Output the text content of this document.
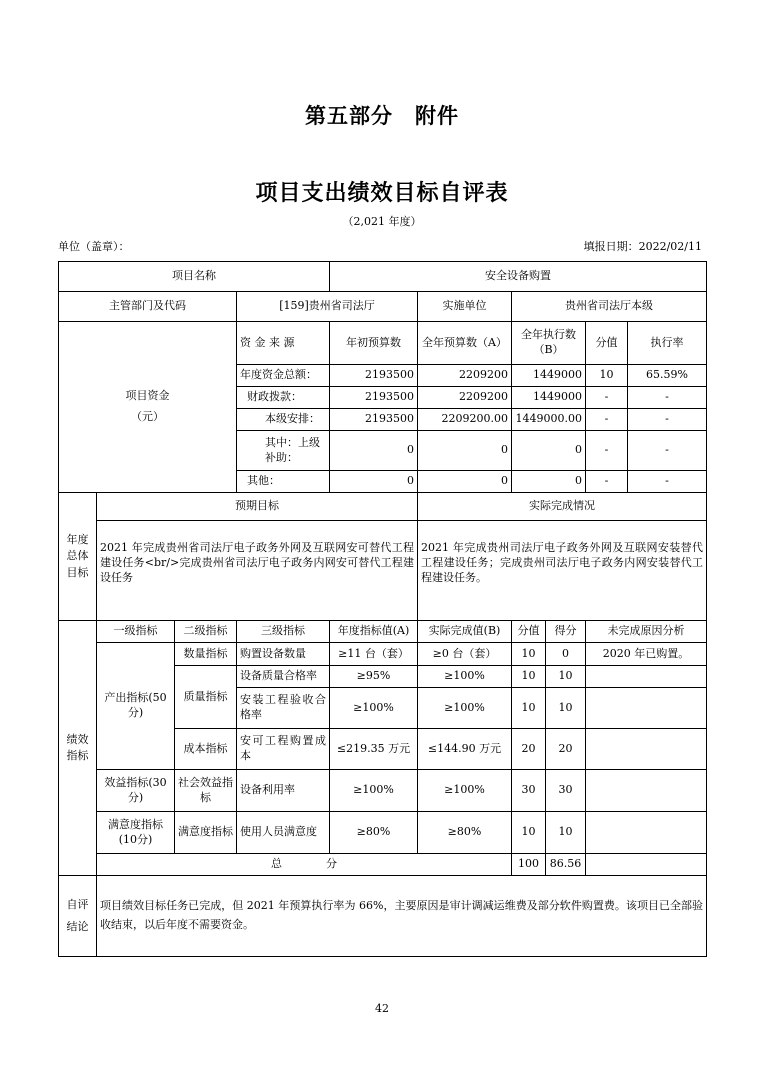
第五部分　附件
项目支出绩效目标自评表
（2,021 年度）
单位（盖章）：	填报日期：2022/02/11
项目名称				安全设备购置					
主管部门及代码			[159]贵州省司法厅		实施单位	贵州省司法厅本级			

项目资金
（元）			资 金 来 源	年初预算数	全年预算数（A）	全年执行数（B）		分值	执行率
			年度资金总额：	2193500	2209200	1449000		10	65.59%
			财政拨款：	2193500	2209200	1449000		-	-
			本级安排：	2193500	2209200.00	1449000.00		-	-
			其中：上级补助：	0	0	0		-	-
			其他：	0	0	0		-	-
年度总体目标	预期目标				实际完成情况				
	2021 年完成贵州省司法厅电子政务外网及互联网安可替代工程建设任务<br/>完成贵州省司法厅电子政务内网安可替代工程建设任务				2021 年完成贵州司法厅电子政务外网及互联网安装替代工程建设任务；完成贵州司法厅电子政务内网安装替代工程建设任务。				
绩效指标	一级指标	二级指标	三级指标	年度指标值(A)	实际完成值(B)	分值	得分	未完成原因分析	
	产出指标(50分)	数量指标	购置设备数量	≥11 台（套）	≥0 台（套）	10	0	2020 年已购置。	
		质量指标	设备质量合格率	≥95%	≥100%	10	10		
			安装工程验收合格率	≥100%	≥100%	10	10		
		成本指标	安可工程购置成本	≤219.35 万元	≤144.90 万元	20	20		
	效益指标(30分)	社会效益指标	设备利用率	≥100%	≥100%	30	30		
	满意度指标(10分)	满意度指标	使用人员满意度	≥80%	≥80%	10	10		
	总　　　　分					100	86.56		
自评结论	项目绩效目标任务已完成，但 2021 年预算执行率为 66%，主要原因是审计调减运维费及部分软件购置费。该项目已全部验收结束，以后年度不需要资金。								
42
